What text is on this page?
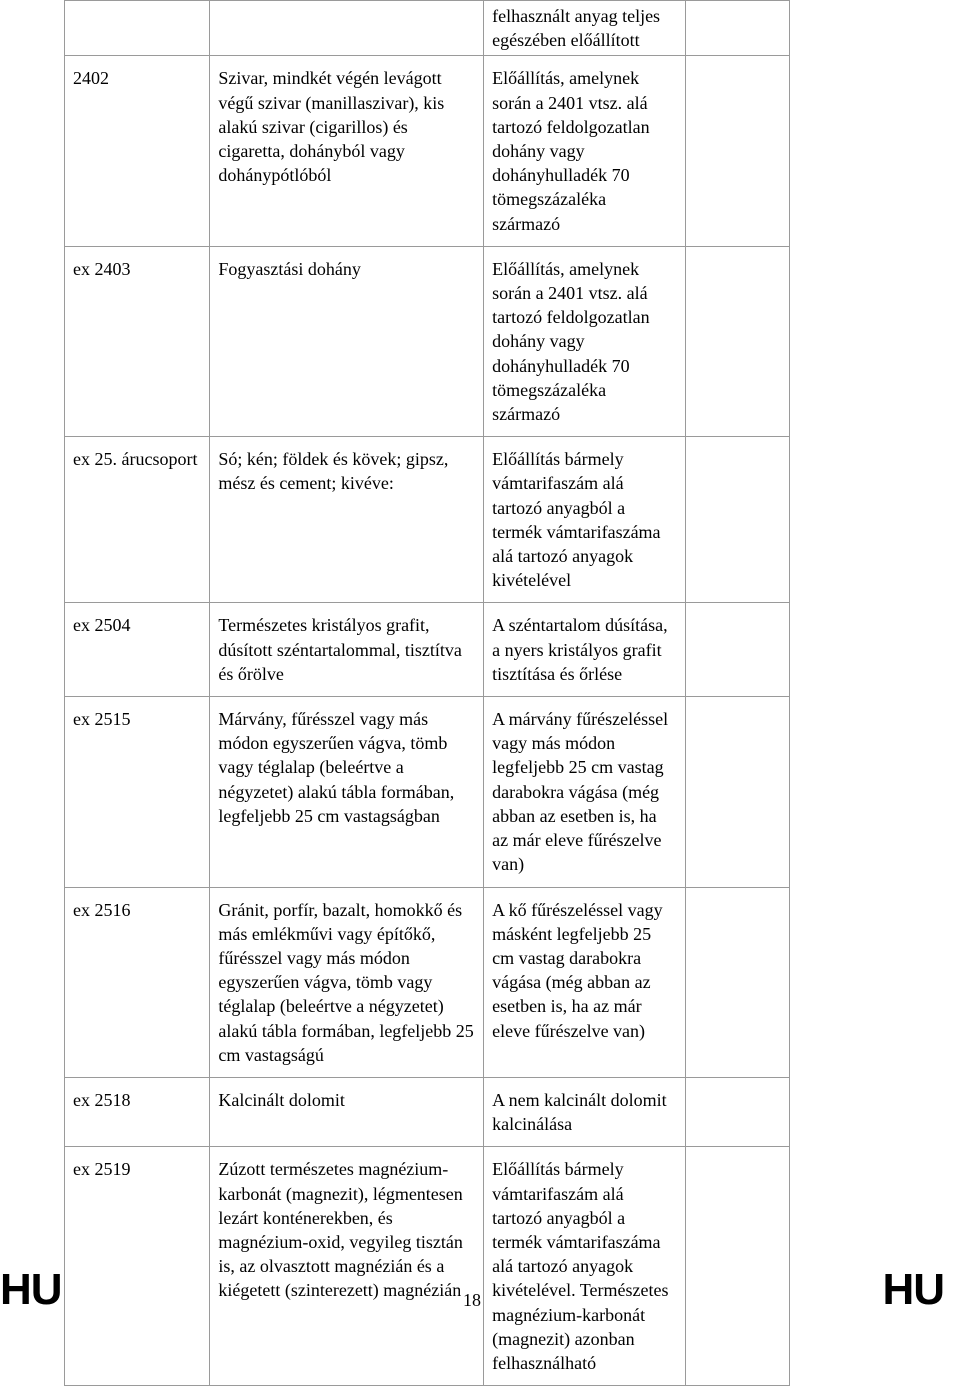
		felhasznált anyag teljes egészében előállított	

2402	Szivar, mindkét végén levágott végű szivar (manillaszivar), kis alakú szivar (cigarillos) és cigaretta, dohányból vagy dohánypótlóból	Előállítás, amelynek során a 2401 vtsz. alá tartozó feldolgozatlan dohány vagy dohányhulladék 70 tömegszázaléka származó	
ex 2403	Fogyasztási dohány	Előállítás, amelynek során a 2401 vtsz. alá tartozó feldolgozatlan dohány vagy dohányhulladék 70 tömegszázaléka származó	
ex 25. árucsoport	Só; kén; földek és kövek; gipsz, mész és cement; kivéve:	Előállítás bármely vámtarifaszám alá tartozó anyagból a termék vámtarifaszáma alá tartozó anyagok kivételével	
ex 2504	Természetes kristályos grafit, dúsított széntartalommal, tisztítva és őrölve	A széntartalom dúsítása, a nyers kristályos grafit tisztítása és őrlése	
ex 2515	Márvány, fűrésszel vagy más módon egyszerűen vágva, tömb vagy téglalap (beleértve a négyzetet) alakú tábla formában, legfeljebb 25 cm vastagságban	A márvány fűrészeléssel vagy más módon legfeljebb 25 cm vastag darabokra vágása (még abban az esetben is, ha az már eleve fűrészelve van)	
ex 2516	Gránit, porfír, bazalt, homokkő és más emlékművi vagy építőkő, fűrésszel vagy más módon egyszerűen vágva, tömb vagy téglalap (beleértve a négyzetet) alakú tábla formában, legfeljebb 25 cm vastagságú	A kő fűrészeléssel vagy másként legfeljebb 25 cm vastag darabokra vágása (még abban az esetben is, ha az már eleve fűrészelve van)	
ex 2518	Kalcinált dolomit	A nem kalcinált dolomit kalcinálása	
ex 2519	Zúzott természetes magnézium-karbonát (magnezit), légmentesen lezárt konténerekben, és magnézium-oxid, vegyileg tisztán is, az olvasztott magnézián és a kiégetett (szinterezett) magnézián	Előállítás bármely vámtarifaszám alá tartozó anyagból a termék vámtarifaszáma alá tartozó anyagok kivételével. Természetes magnézium-karbonát (magnezit) azonban felhasználható	
HU	18	HU
